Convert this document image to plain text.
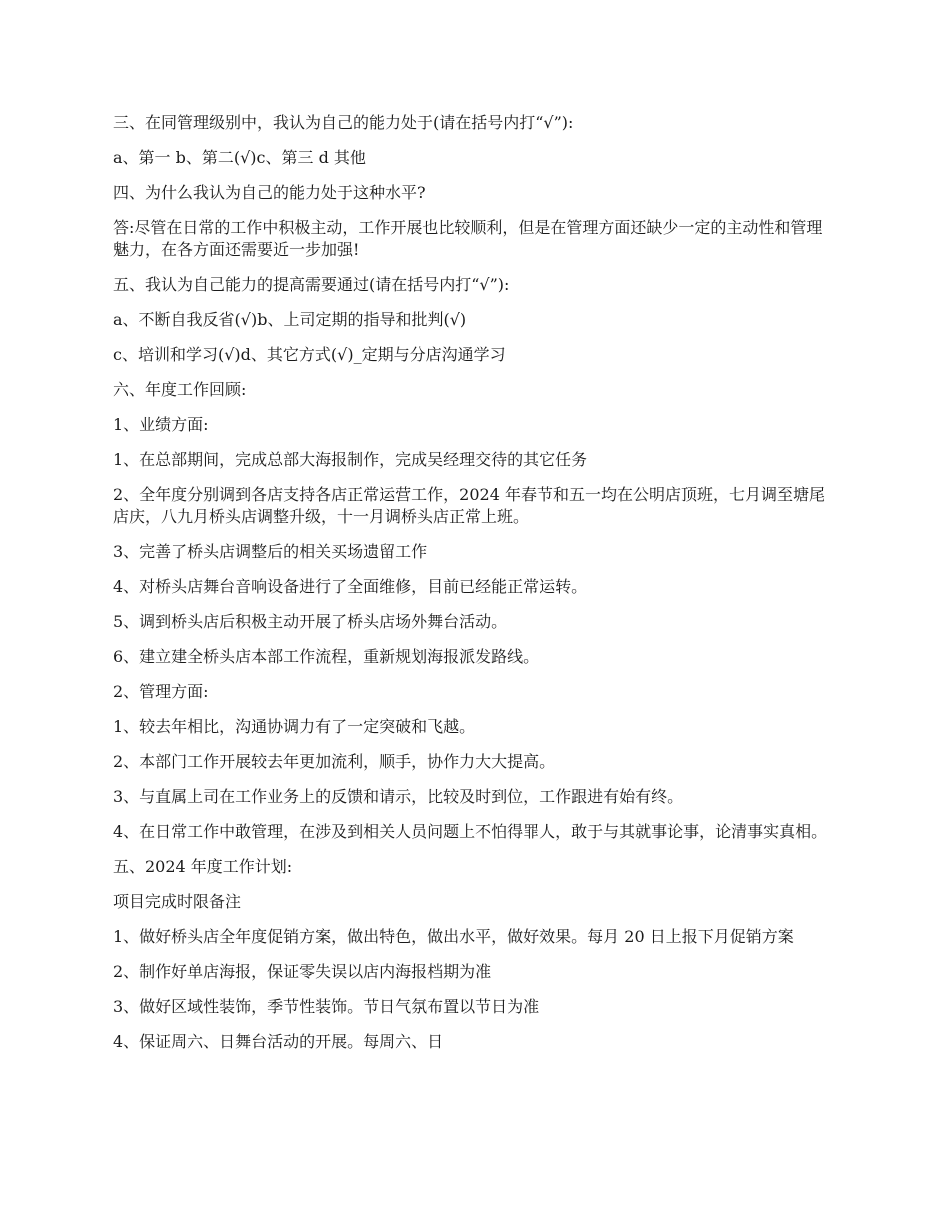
三、在同管理级别中，我认为自己的能力处于(请在括号内打“√”):

a、第一 b、第二(√)c、第三 d 其他

四、为什么我认为自己的能力处于这种水平?

答:尽管在日常的工作中积极主动，工作开展也比较顺利，但是在管理方面还缺少一定的主动性和管理魅力，在各方面还需要近一步加强!

五、我认为自己能力的提高需要通过(请在括号内打“√”):

a、不断自我反省(√)b、上司定期的指导和批判(√)

c、培训和学习(√)d、其它方式(√)_定期与分店沟通学习

六、年度工作回顾:

1、业绩方面:

1、在总部期间，完成总部大海报制作，完成吴经理交待的其它任务

2、全年度分别调到各店支持各店正常运营工作，2024 年春节和五一均在公明店顶班，七月调至塘尾店庆，八九月桥头店调整升级，十一月调桥头店正常上班。

3、完善了桥头店调整后的相关买场遗留工作

4、对桥头店舞台音响设备进行了全面维修，目前已经能正常运转。

5、调到桥头店后积极主动开展了桥头店场外舞台活动。

6、建立建全桥头店本部工作流程，重新规划海报派发路线。

2、管理方面:

1、较去年相比，沟通协调力有了一定突破和飞越。

2、本部门工作开展较去年更加流利，顺手，协作力大大提高。

3、与直属上司在工作业务上的反馈和请示，比较及时到位，工作跟进有始有终。

4、在日常工作中敢管理，在涉及到相关人员问题上不怕得罪人，敢于与其就事论事，论清事实真相。

五、2024 年度工作计划:

项目完成时限备注

1、做好桥头店全年度促销方案，做出特色，做出水平，做好效果。每月 20 日上报下月促销方案

2、制作好单店海报，保证零失误以店内海报档期为准

3、做好区域性装饰，季节性装饰。节日气氛布置以节日为准

4、保证周六、日舞台活动的开展。每周六、日
